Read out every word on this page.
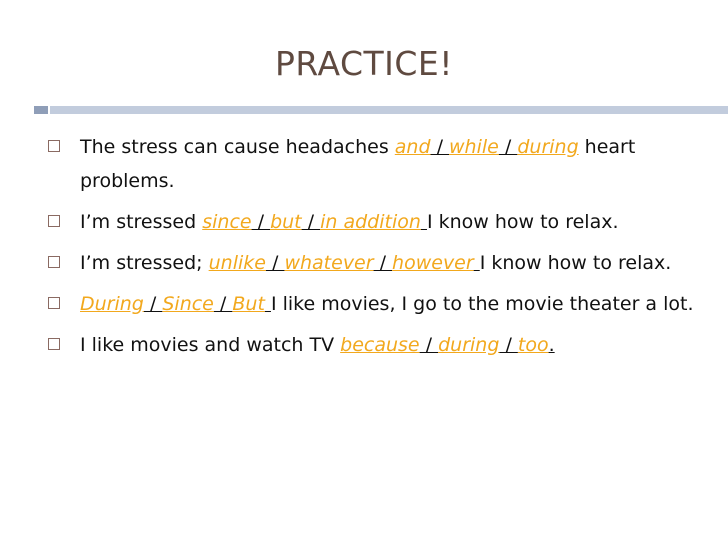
PRACTICE!
The stress can cause headaches and / while / during heart problems.
I’m stressed since / but / in addition I know how to relax.
I’m stressed; unlike / whatever / however I know how to relax.
During / Since / But I like movies, I go to the movie theater a lot.
I like movies and watch TV because / during / too.
